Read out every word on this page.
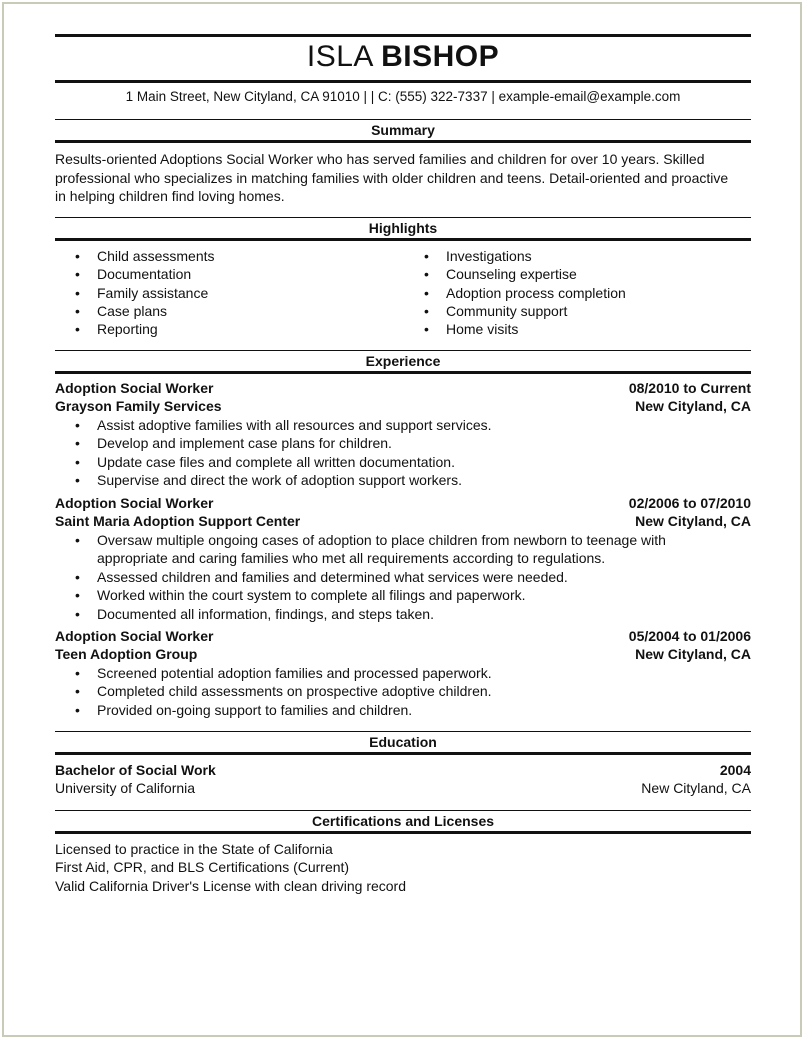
ISLA BISHOP
1 Main Street, New Cityland, CA 91010 | | C: (555) 322-7337 | example-email@example.com
Summary
Results-oriented Adoptions Social Worker who has served families and children for over 10 years. Skilled
professional who specializes in matching families with older children and teens. Detail-oriented and proactive
in helping children find loving homes.
Highlights
• Child assessments
• Documentation
• Family assistance
• Case plans
• Reporting
• Investigations
• Counseling expertise
• Adoption process completion
• Community support
• Home visits
Experience
Adoption Social Worker	08/2010 to Current
Grayson Family Services	New Cityland, CA
• Assist adoptive families with all resources and support services.
• Develop and implement case plans for children.
• Update case files and complete all written documentation.
• Supervise and direct the work of adoption support workers.
Adoption Social Worker	02/2006 to 07/2010
Saint Maria Adoption Support Center	New Cityland, CA
• Oversaw multiple ongoing cases of adoption to place children from newborn to teenage with
appropriate and caring families who met all requirements according to regulations.
• Assessed children and families and determined what services were needed.
• Worked within the court system to complete all filings and paperwork.
• Documented all information, findings, and steps taken.
Adoption Social Worker	05/2004 to 01/2006
Teen Adoption Group	New Cityland, CA
• Screened potential adoption families and processed paperwork.
• Completed child assessments on prospective adoptive children.
• Provided on-going support to families and children.
Education
Bachelor of Social Work	2004
University of California	New Cityland, CA
Certifications and Licenses
Licensed to practice in the State of California
First Aid, CPR, and BLS Certifications (Current)
Valid California Driver's License with clean driving record
